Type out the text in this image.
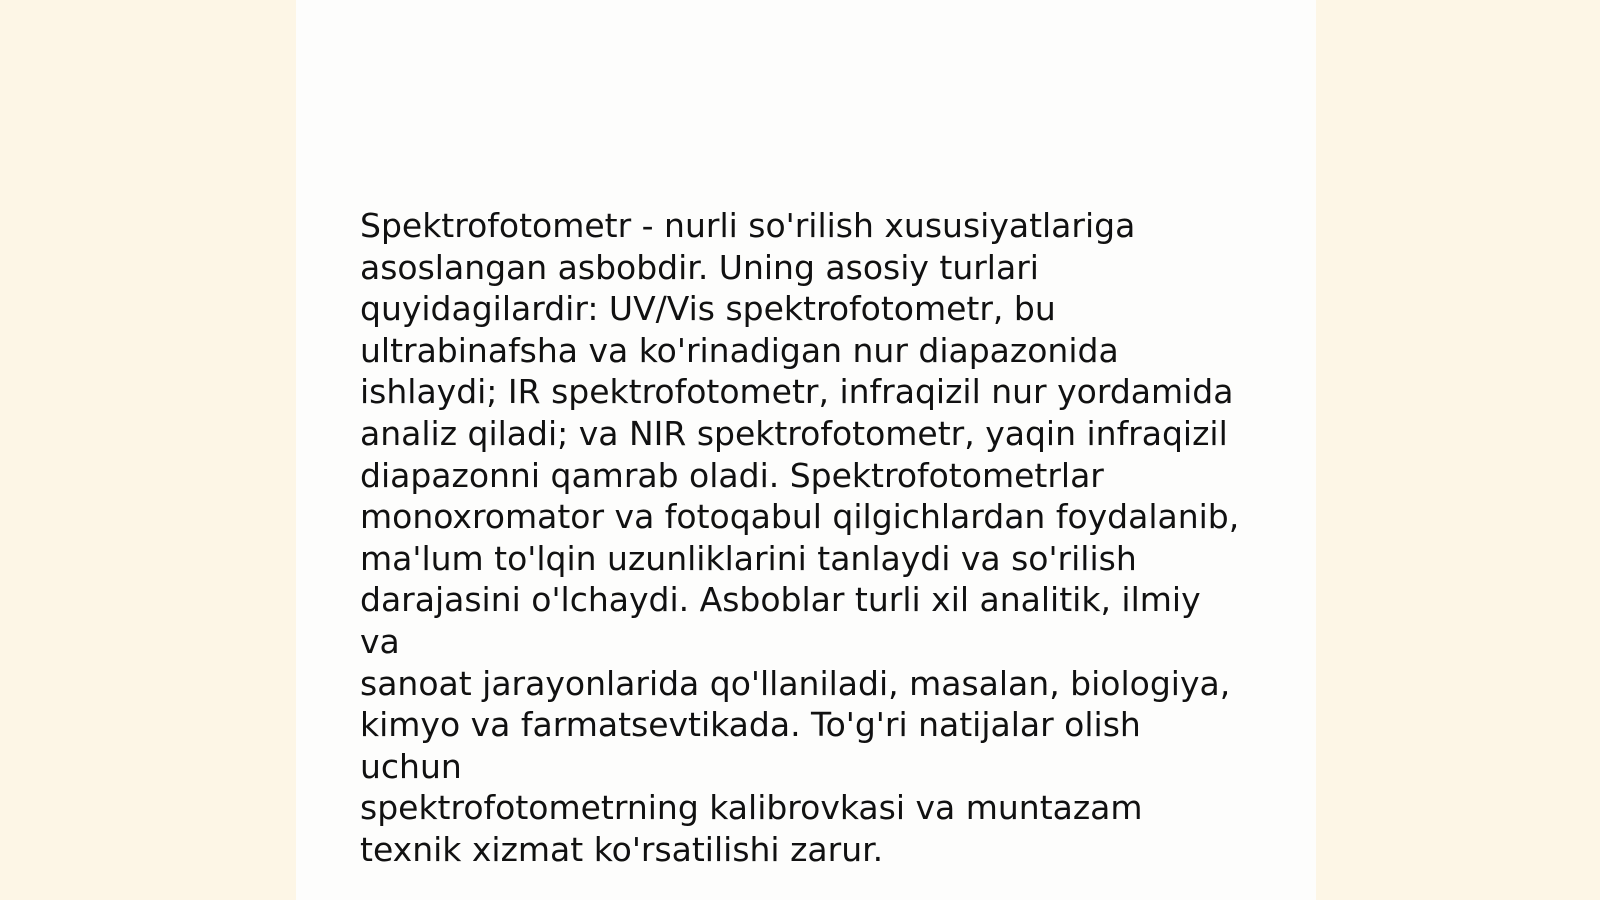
Spektrofotometr - nurli so'rilish xususiyatlariga
asoslangan asbobdir. Uning asosiy turlari
quyidagilardir: UV/Vis spektrofotometr, bu
ultrabinafsha va ko'rinadigan nur diapazonida
ishlaydi; IR spektrofotometr, infraqizil nur yordamida
analiz qiladi; va NIR spektrofotometr, yaqin infraqizil
diapazonni qamrab oladi. Spektrofotometrlar
monoxromator va fotoqabul qilgichlardan foydalanib,
ma'lum to'lqin uzunliklarini tanlaydi va so'rilish
darajasini o'lchaydi. Asboblar turli xil analitik, ilmiy va
sanoat jarayonlarida qo'llaniladi, masalan, biologiya,
kimyo va farmatsevtikada. To'g'ri natijalar olish uchun
spektrofotometrning kalibrovkasi va muntazam
texnik xizmat ko'rsatilishi zarur.
